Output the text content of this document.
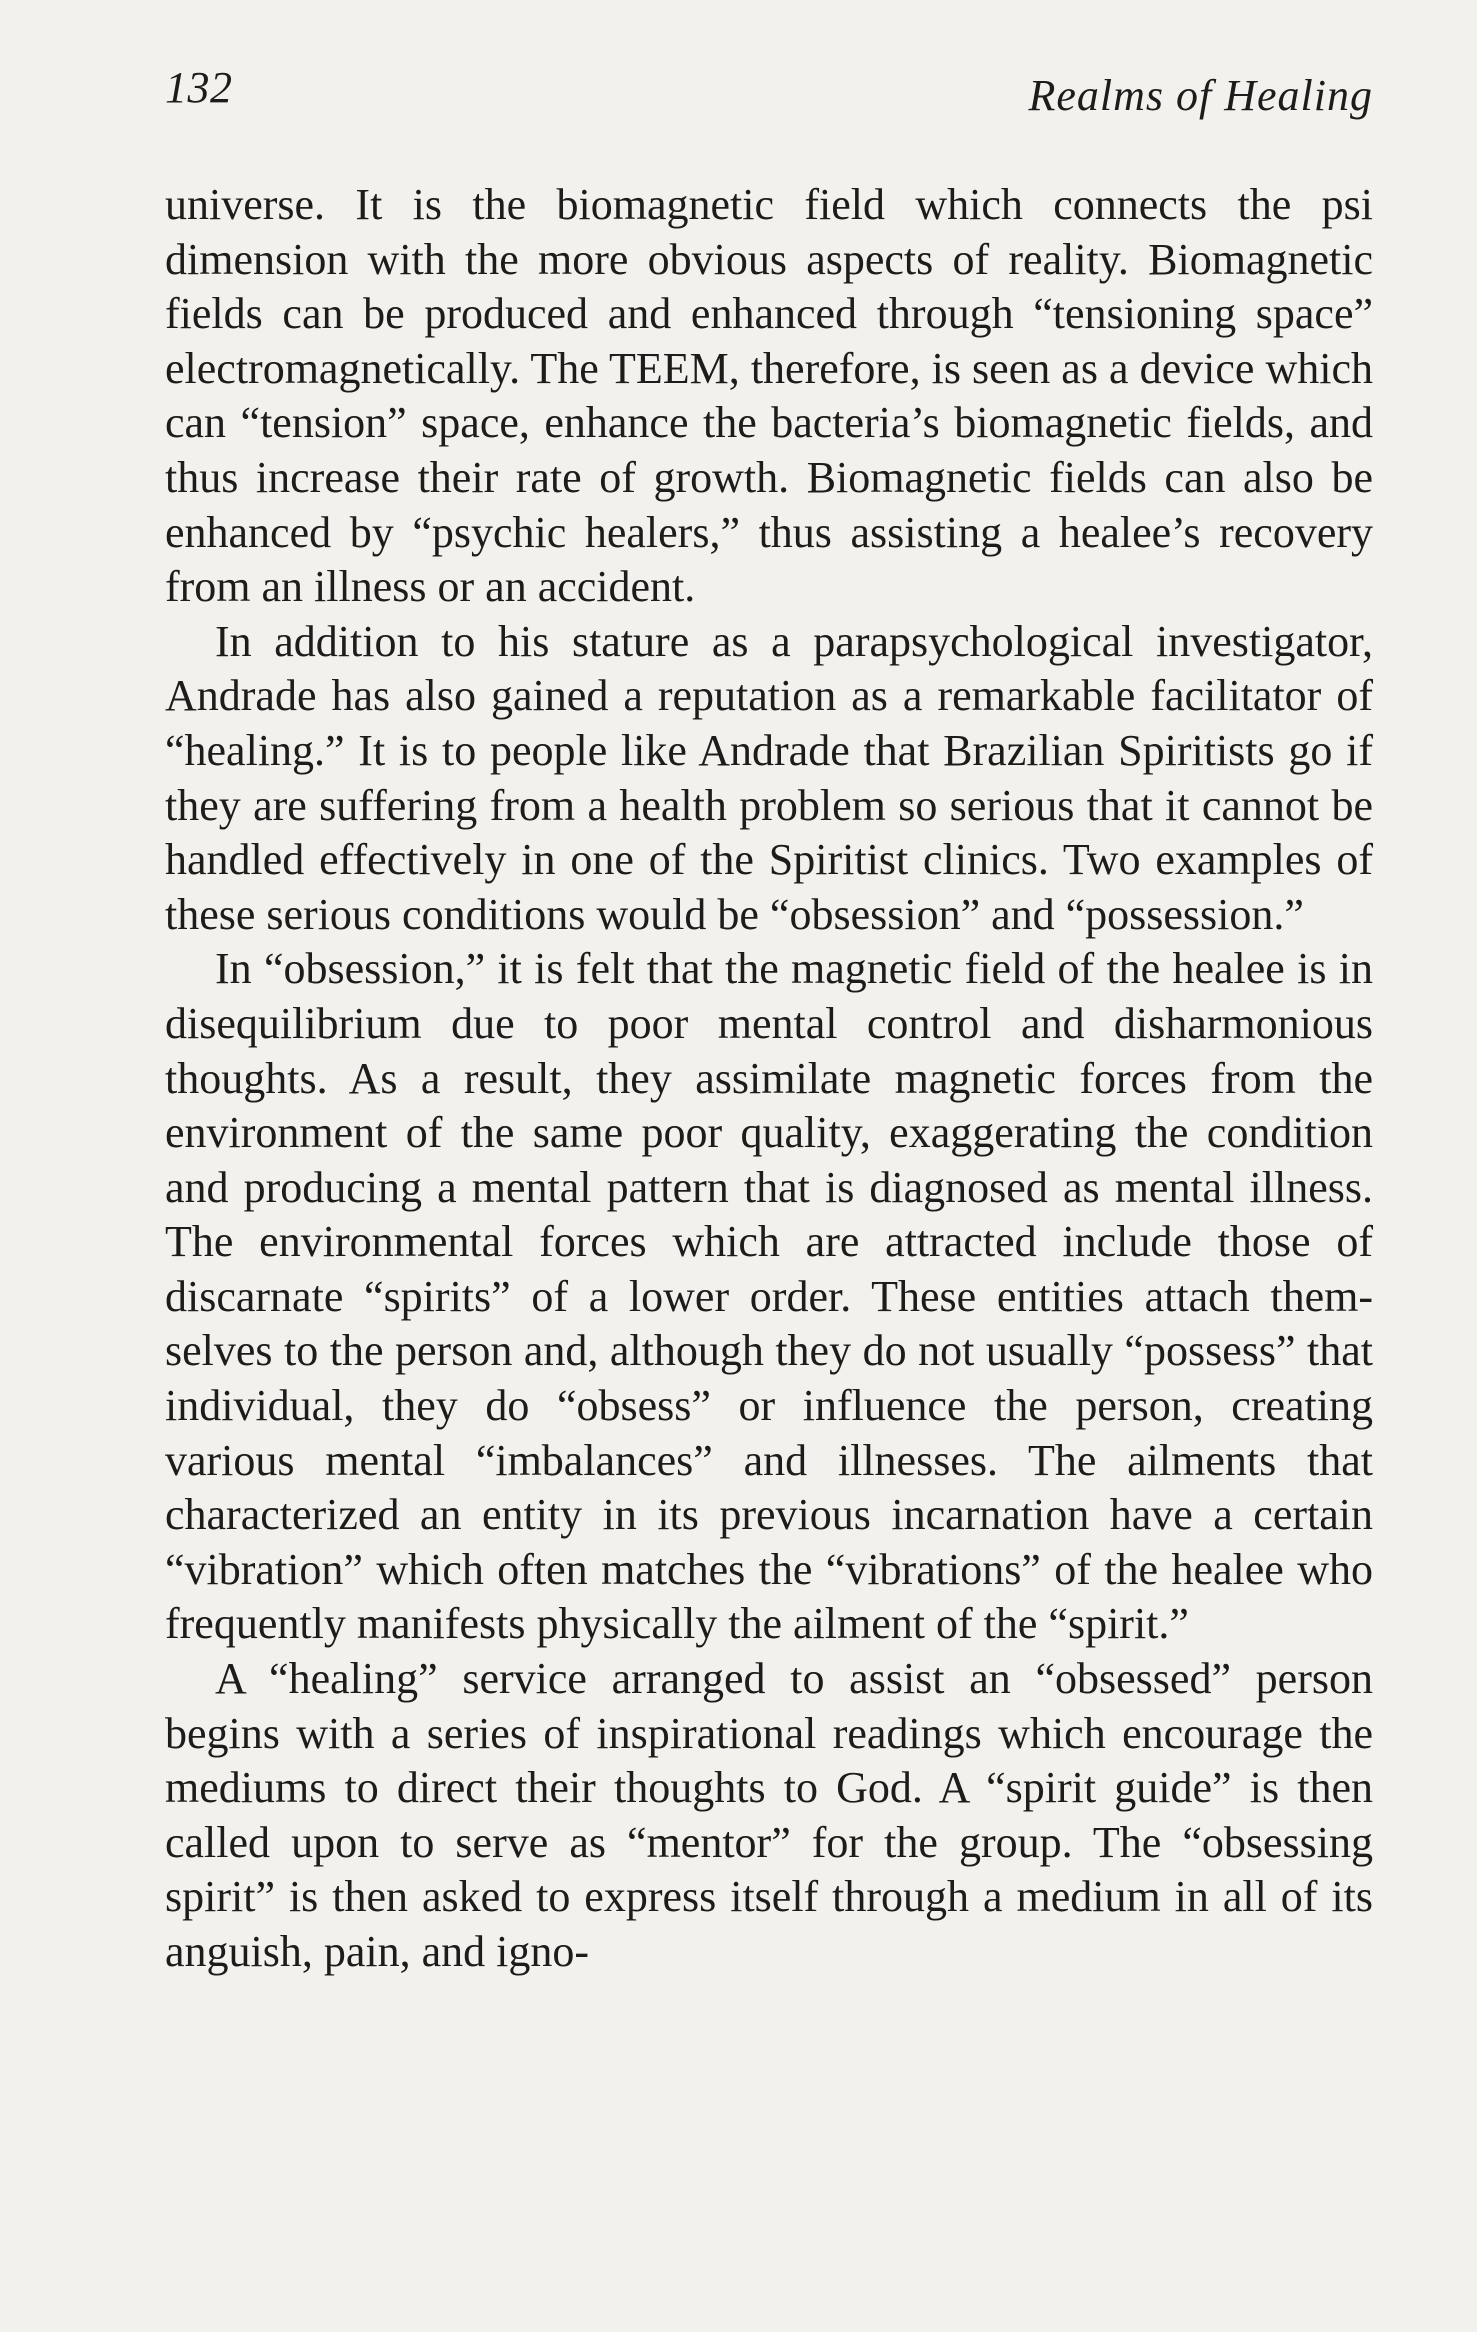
132	Realms of Healing

universe. It is the biomagnetic field which connects the psi dimension with the more obvious aspects of reality. Biomagnetic fields can be produced and enhanced through “tensioning space” electromagnetically. The TEEM, therefore, is seen as a device which can “tension” space, enhance the bacteria’s biomagnetic fields, and thus increase their rate of growth. Biomagnetic fields can also be enhanced by “psychic healers,” thus assisting a healee’s recovery from an illness or an accident.

In addition to his stature as a parapsychological investigator, Andrade has also gained a reputation as a remarkable facilitator of “healing.” It is to people like Andrade that Brazilian Spiritists go if they are suffering from a health problem so serious that it cannot be handled effectively in one of the Spiritist clinics. Two examples of these serious conditions would be “obsession” and “possession.”

In “obsession,” it is felt that the magnetic field of the healee is in disequilibrium due to poor mental control and disharmonious thoughts. As a result, they assimilate magnetic forces from the environment of the same poor quality, exaggerating the condition and producing a mental pattern that is diagnosed as mental illness. The environmental forces which are attracted include those of discarnate “spirits” of a lower order. These entities attach themselves to the person and, although they do not usually “possess” that individual, they do “obsess” or influence the person, creating various mental “imbalances” and illnesses. The ailments that characterized an entity in its previous incarnation have a certain “vibration” which often matches the “vibrations” of the healee who frequently manifests physically the ailment of the “spirit.”

A “healing” service arranged to assist an “obsessed” person begins with a series of inspirational readings which encourage the mediums to direct their thoughts to God. A “spirit guide” is then called upon to serve as “mentor” for the group. The “obsessing spirit” is then asked to express itself through a medium in all of its anguish, pain, and igno-
